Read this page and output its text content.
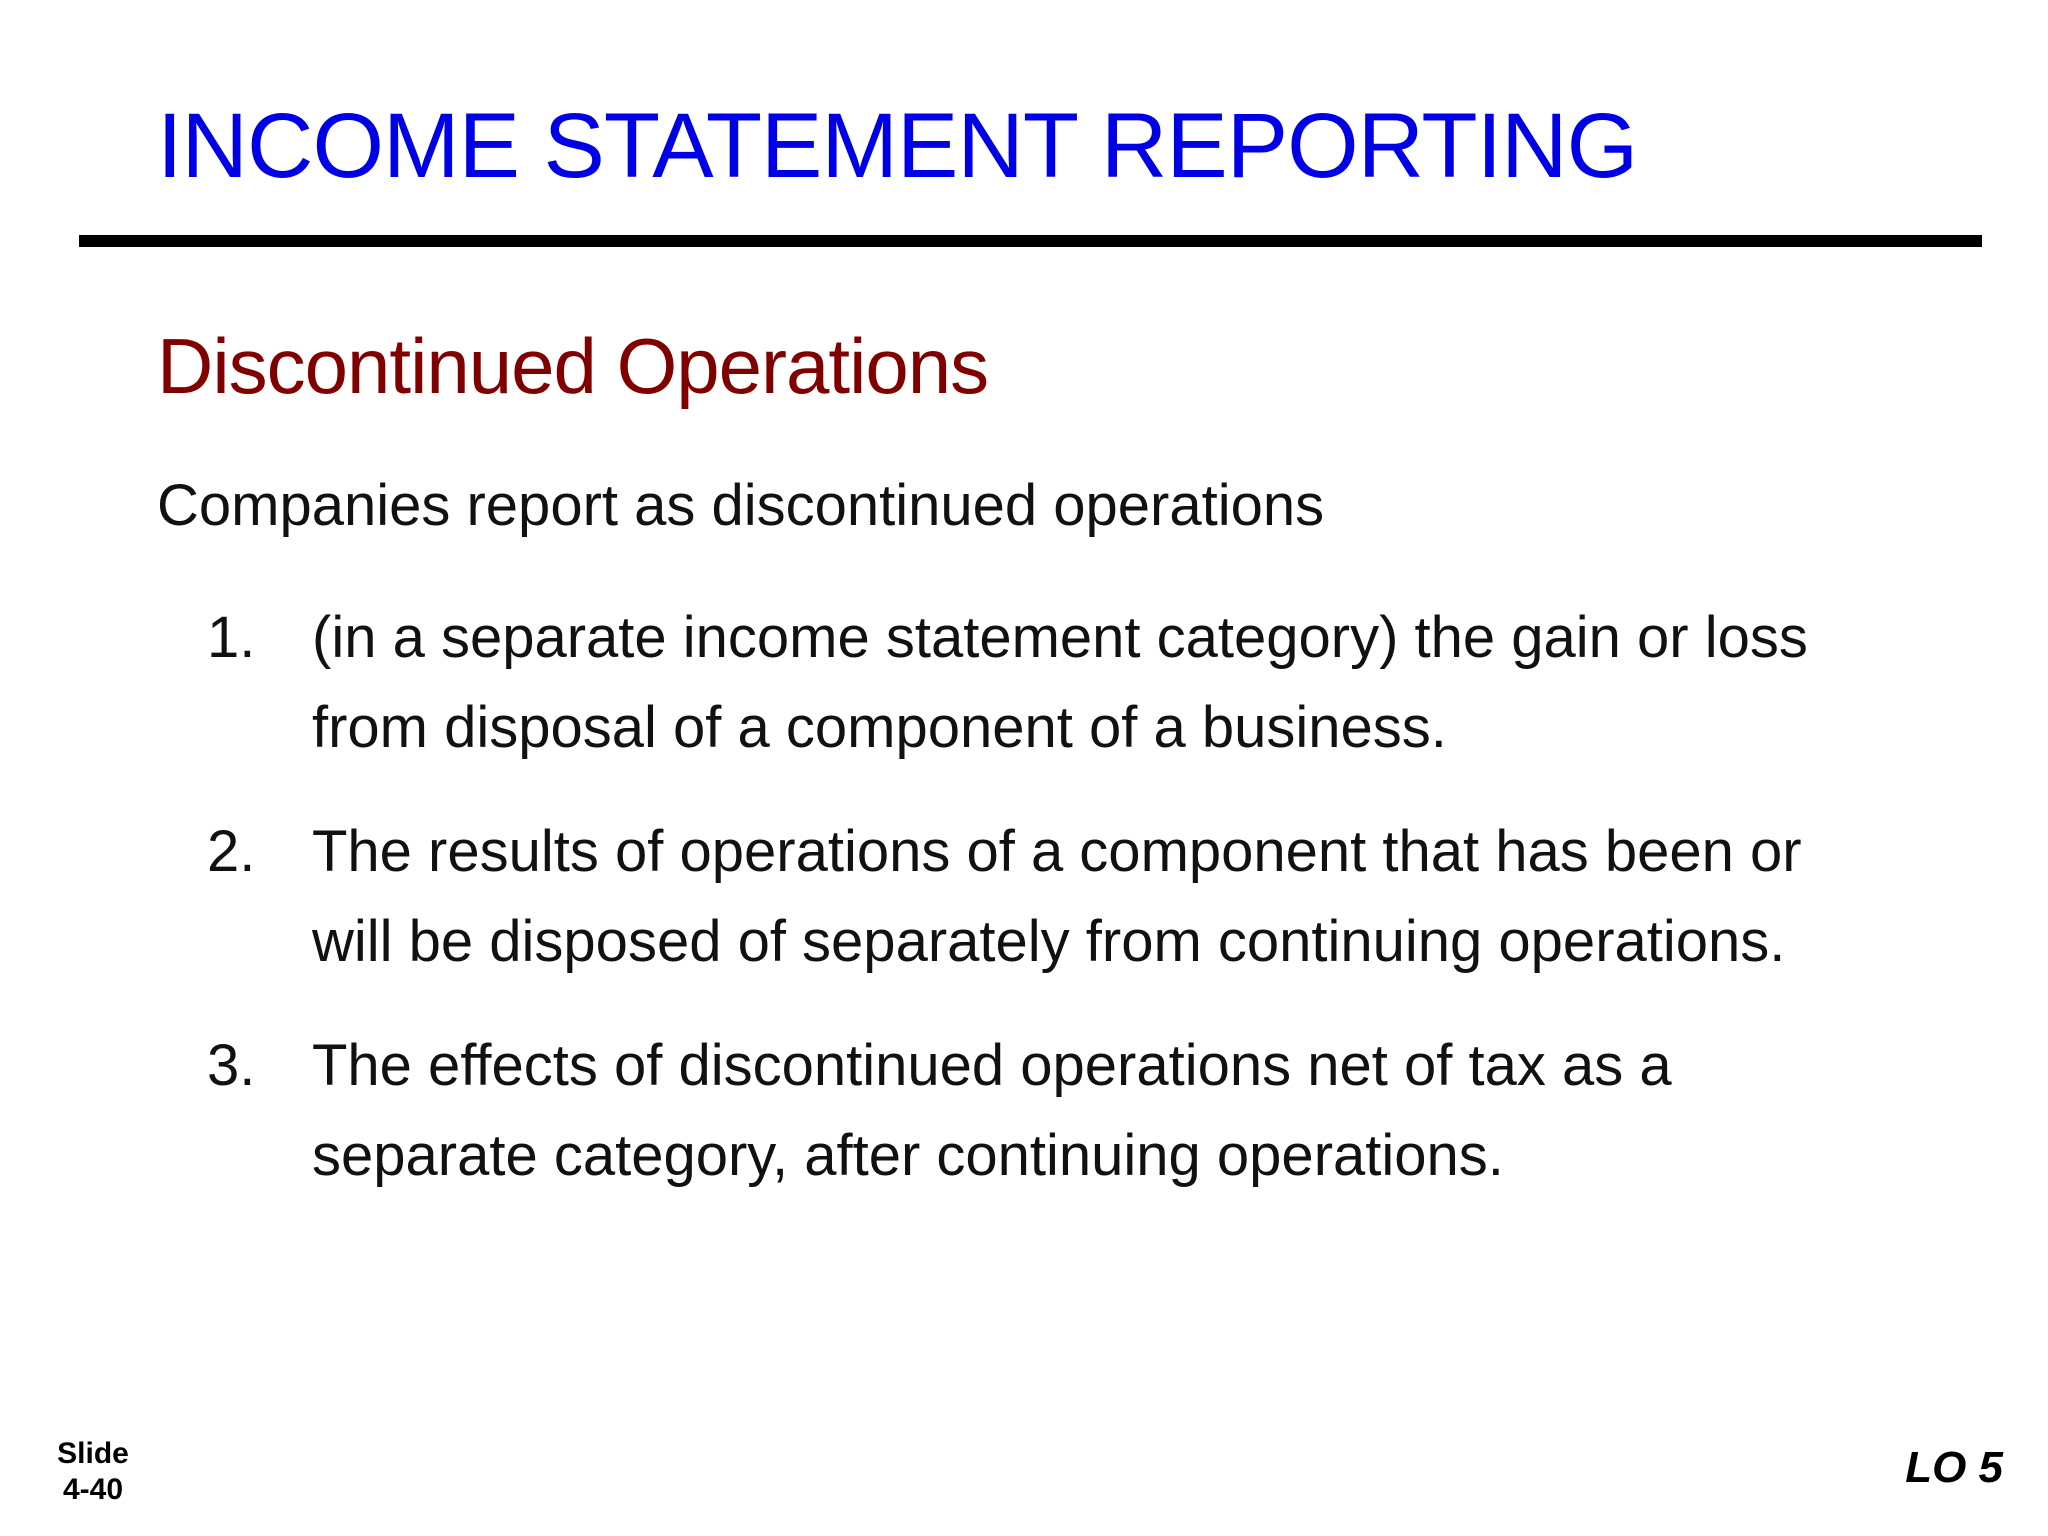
INCOME STATEMENT REPORTING
Discontinued Operations

Companies report as discontinued operations

1. (in a separate income statement category) the gain or loss
from disposal of a component of a business.
2. The results of operations of a component that has been or
will be disposed of separately from continuing operations.
3. The effects of discontinued operations net of tax as a
separate category, after continuing operations.
Slide
4-40	LO 5
